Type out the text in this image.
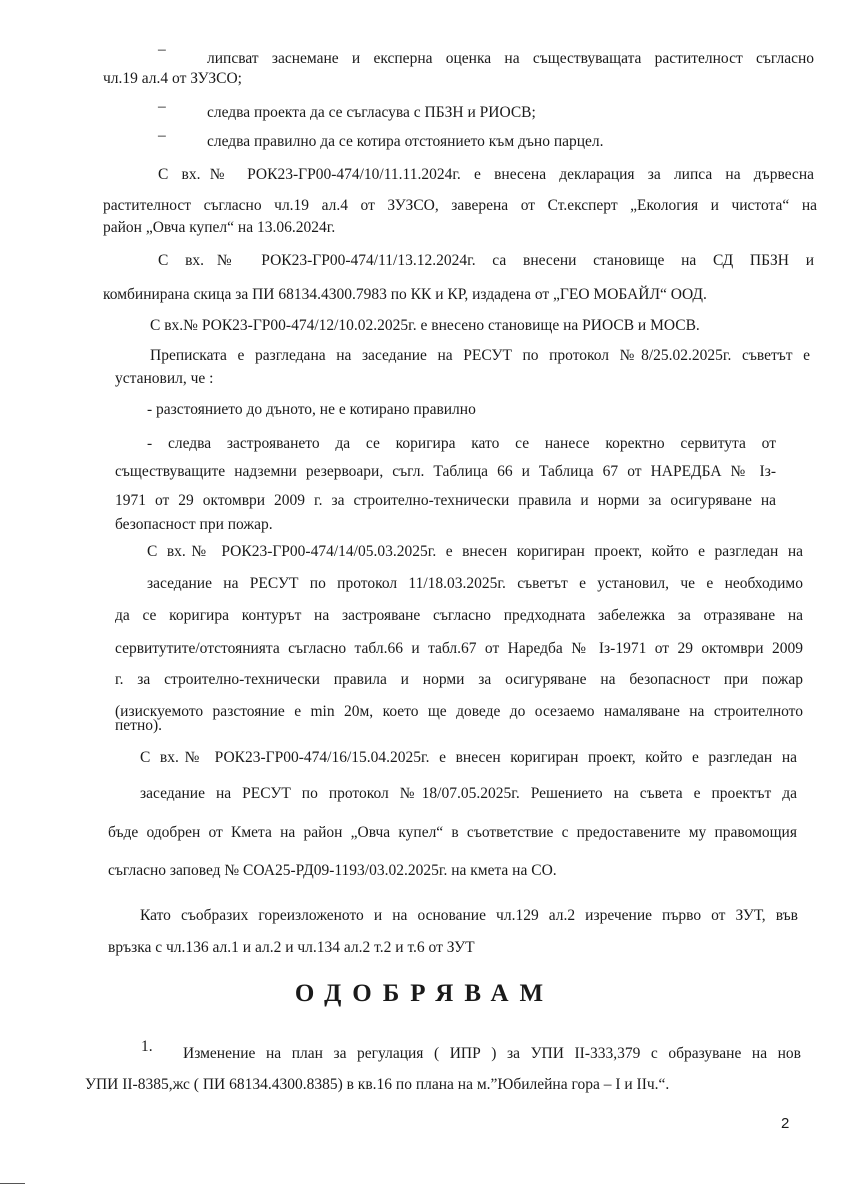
–
липсват заснемане и експерна оценка на съществуващата растителност съгласно
чл.19 ал.4 от ЗУЗСО;
–	следва проекта да се съгласува с ПБЗН и РИОСВ;
–	следва правилно да се котира отстоянието към дъно парцел.
С вх.№ РОК23-ГР00-474/10/11.11.2024г. е внесена декларация за липса на дървесна
растителност съгласно чл.19 ал.4 от ЗУЗСО, заверена от Ст.експерт „Екология и чистота“ на
район „Овча купел“ на 13.06.2024г.
С вх.№ РОК23-ГР00-474/11/13.12.2024г. са внесени становище на СД ПБЗН и
комбинирана скица за ПИ 68134.4300.7983 по КК и КР, издадена от „ГЕО МОБАЙЛ“ ООД.
С вх.№ РОК23-ГР00-474/12/10.02.2025г. е внесено становище на РИОСВ и МОСВ.
Преписката е разгледана на заседание на РЕСУТ по протокол №8/25.02.2025г. съветът е
установил, че :
- разстоянието до дъното, не е котирано правилно
- следва застрояването да се коригира като се нанесе коректно сервитута от
съществуващите надземни резервоари, съгл. Таблица 66 и Таблица 67 от НАРЕДБА № Із-
1971 от 29 октомври 2009 г. за строително-технически правила и норми за осигуряване на
безопасност при пожар.
С вх.№ РОК23-ГР00-474/14/05.03.2025г. е внесен коригиран проект, който е разгледан на
заседание на РЕСУТ по протокол 11/18.03.2025г. съветът е установил, че е необходимо
да се коригира контурът на застрояване съгласно предходната забележка за отразяване на
сервитутите/отстоянията съгласно табл.66 и табл.67 от Наредба № Із-1971 от 29 октомври 2009
г. за строително-технически правила и норми за осигуряване на безопасност при пожар
(изискуемото разстояние е min 20м, което ще доведе до осезаемо намаляване на строителното
петно).
С вх.№ РОК23-ГР00-474/16/15.04.2025г. е внесен коригиран проект, който е разгледан на
заседание на РЕСУТ по протокол №18/07.05.2025г. Решението на съвета е проектът да
бъде одобрен от Кмета на район „Овча купел“ в съответствие с предоставените му правомощия
съгласно заповед № СОА25-РД09-1193/03.02.2025г. на кмета на СО.
Като съобразих гореизложеното и на основание чл.129 ал.2 изречение първо от ЗУТ, във
връзка с чл.136 ал.1 и ал.2 и чл.134 ал.2 т.2 и т.6 от ЗУТ
ОДОБРЯВАМ
1. Изменение на план за регулация ( ИПР ) за УПИ II-333,379 с образуване на нов
УПИ II-8385,жс ( ПИ 68134.4300.8385) в кв.16 по плана на м.”Юбилейна гора – I и IIч.“.
2
